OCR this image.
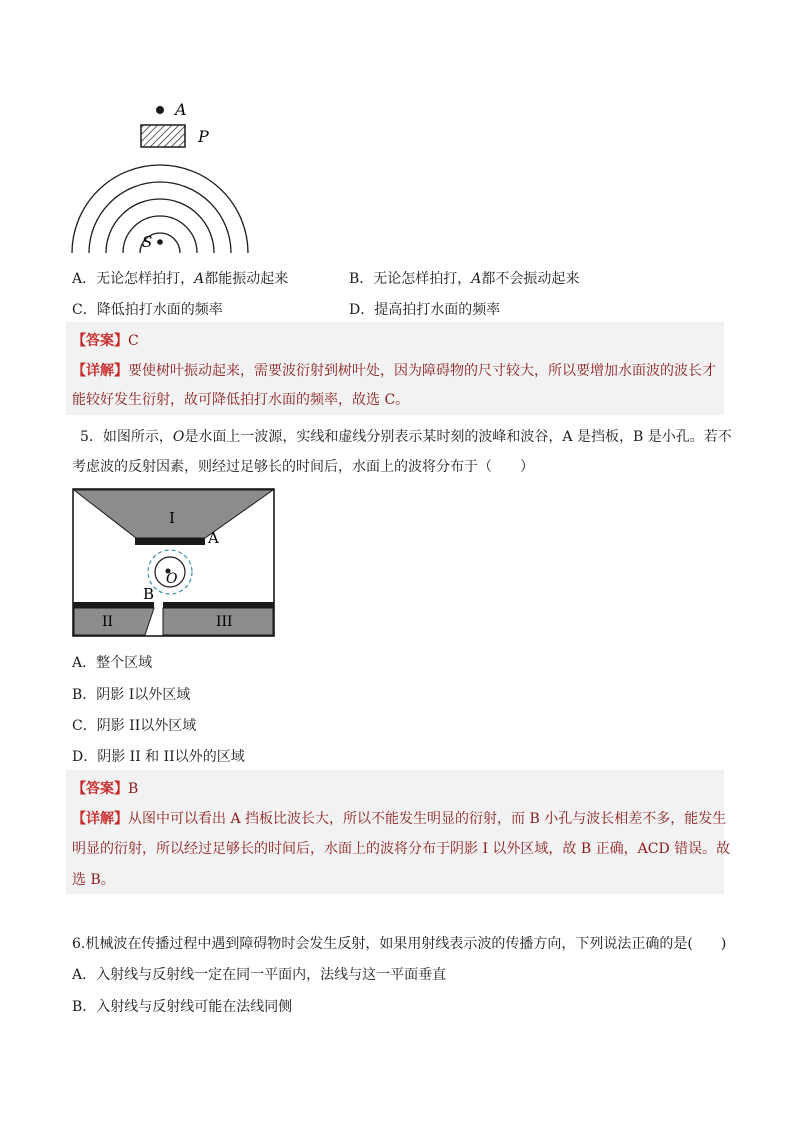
A
P
S
A．无论怎样拍打，A都能振动起来	B．无论怎样拍打，A都不会振动起来
C．降低拍打水面的频率	D．提高拍打水面的频率
【答案】C
【详解】要使树叶振动起来，需要波衍射到树叶处，因为障碍物的尺寸较大，所以要增加水面波的波长才
能较好发生衍射，故可降低拍打水面的频率，故选 C。
5．如图所示，O是水面上一波源，实线和虚线分别表示某时刻的波峰和波谷，A 是挡板，B 是小孔。若不
考虑波的反射因素，则经过足够长的时间后，水面上的波将分布于（　　）
I
A
O
B
II	III
A．整个区域
B．阴影 I以外区域
C．阴影 II以外区域
D．阴影 II 和 II以外的区域
【答案】B
【详解】从图中可以看出 A 挡板比波长大，所以不能发生明显的衍射，而 B 小孔与波长相差不多，能发生
明显的衍射，所以经过足够长的时间后，水面上的波将分布于阴影 I 以外区域，故 B 正确，ACD 错误。故
选 B。
6.机械波在传播过程中遇到障碍物时会发生反射，如果用射线表示波的传播方向，下列说法正确的是(　　)
A．入射线与反射线一定在同一平面内，法线与这一平面垂直
B．入射线与反射线可能在法线同侧
